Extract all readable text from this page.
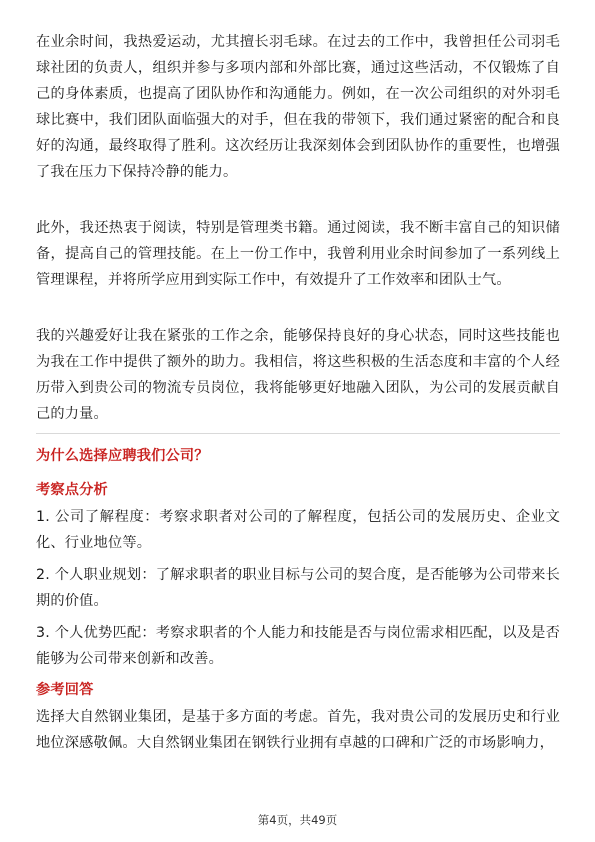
在业余时间，我热爱运动，尤其擅长羽毛球。在过去的工作中，我曾担任公司羽毛球社团的负责人，组织并参与多项内部和外部比赛，通过这些活动，不仅锻炼了自己的身体素质，也提高了团队协作和沟通能力。例如，在一次公司组织的对外羽毛球比赛中，我们团队面临强大的对手，但在我的带领下，我们通过紧密的配合和良好的沟通，最终取得了胜利。这次经历让我深刻体会到团队协作的重要性，也增强了我在压力下保持冷静的能力。

此外，我还热衷于阅读，特别是管理类书籍。通过阅读，我不断丰富自己的知识储备，提高自己的管理技能。在上一份工作中，我曾利用业余时间参加了一系列线上管理课程，并将所学应用到实际工作中，有效提升了工作效率和团队士气。

我的兴趣爱好让我在紧张的工作之余，能够保持良好的身心状态，同时这些技能也为我在工作中提供了额外的助力。我相信，将这些积极的生活态度和丰富的个人经历带入到贵公司的物流专员岗位，我将能够更好地融入团队，为公司的发展贡献自己的力量。

为什么选择应聘我们公司？

考察点分析

1. 公司了解程度：考察求职者对公司的了解程度，包括公司的发展历史、企业文化、行业地位等。

2. 个人职业规划：了解求职者的职业目标与公司的契合度，是否能够为公司带来长期的价值。

3. 个人优势匹配：考察求职者的个人能力和技能是否与岗位需求相匹配，以及是否能够为公司带来创新和改善。

参考回答

选择大自然钢业集团，是基于多方面的考虑。首先，我对贵公司的发展历史和行业地位深感敬佩。大自然钢业集团在钢铁行业拥有卓越的口碑和广泛的市场影响力，

第4页，共49页
